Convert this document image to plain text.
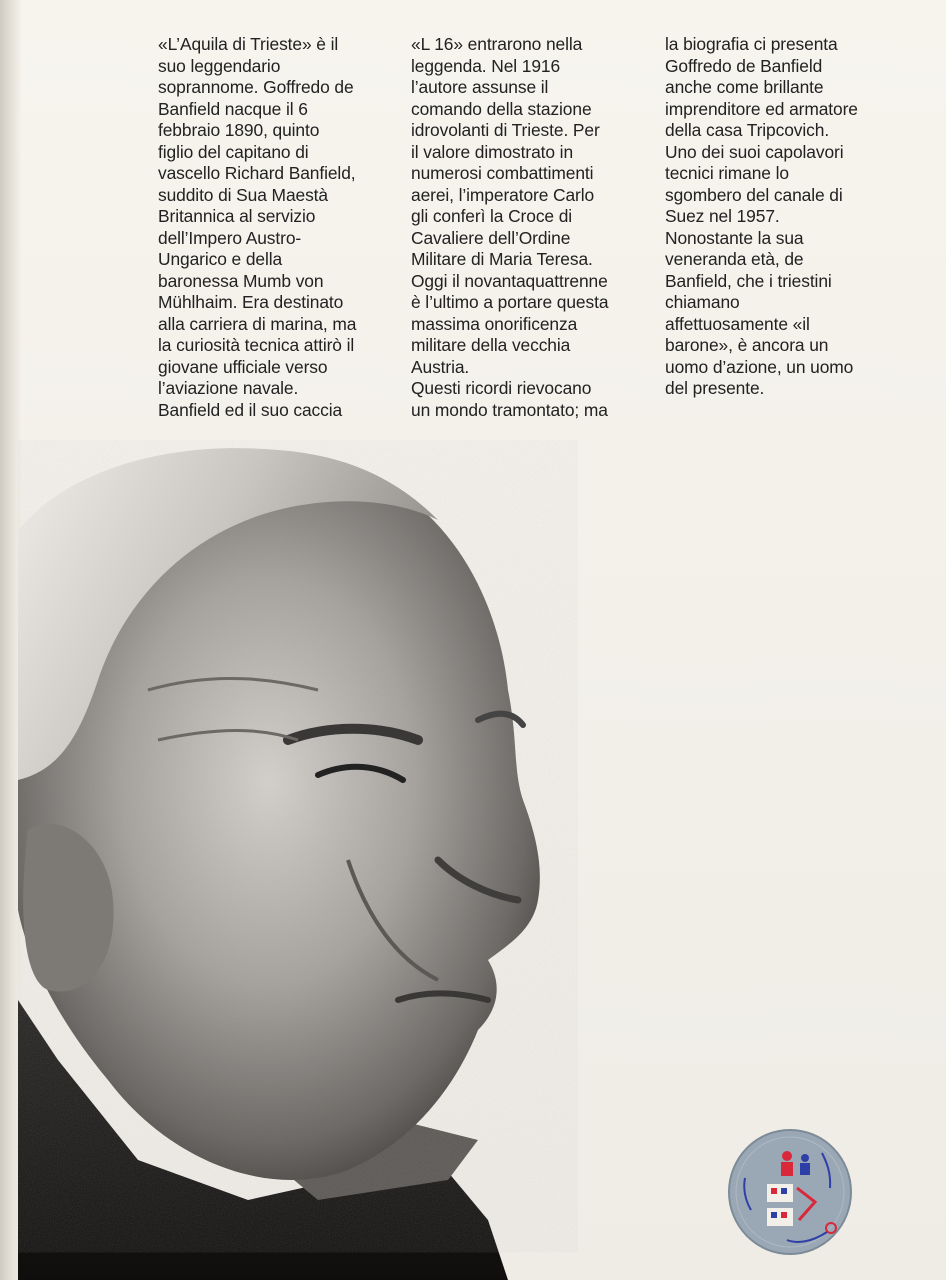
«L’Aquila di Trieste» è il
suo leggendario
soprannome. Goffredo de
Banfield nacque il 6
febbraio 1890, quinto
figlio del capitano di
vascello Richard Banfield,
suddito di Sua Maestà
Britannica al servizio
dell’Impero Austro-
Ungarico e della
baronessa Mumb von
Mühlhaim. Era destinato
alla carriera di marina, ma
la curiosità tecnica attirò il
giovane ufficiale verso
l’aviazione navale.
Banfield ed il suo caccia
«L 16» entrarono nella
leggenda. Nel 1916
l’autore assunse il
comando della stazione
idrovolanti di Trieste. Per
il valore dimostrato in
numerosi combattimenti
aerei, l’imperatore Carlo
gli conferì la Croce di
Cavaliere dell’Ordine
Militare di Maria Teresa.
Oggi il novantaquattrenne
è l’ultimo a portare questa
massima onorificenza
militare della vecchia
Austria.
Questi ricordi rievocano
un mondo tramontato; ma
la biografia ci presenta
Goffredo de Banfield
anche come brillante
imprenditore ed armatore
della casa Tripcovich.
Uno dei suoi capolavori
tecnici rimane lo
sgombero del canale di
Suez nel 1957.
Nonostante la sua
veneranda età, de
Banfield, che i triestini
chiamano
affettuosamente «il
barone», è ancora un
uomo d’azione, un uomo
del presente.
